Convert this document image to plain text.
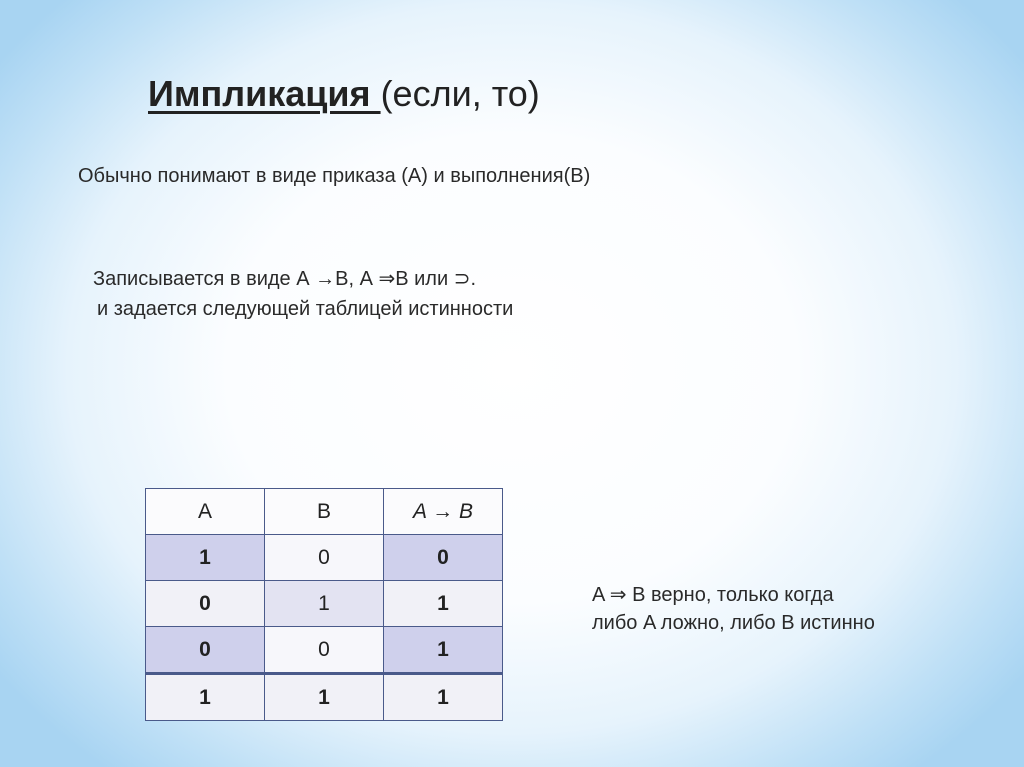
Импликация (если, то)
Обычно понимают в виде приказа (А) и выполнения(В)
Записывается в виде А →В, А ⇒В или ⊃.
и задается следующей таблицей истинности
A	B	A → B
1	0	0
0	1	1
0	0	1
1	1	1
A ⇒ B верно, только когда
либо A ложно, либо B истинно
